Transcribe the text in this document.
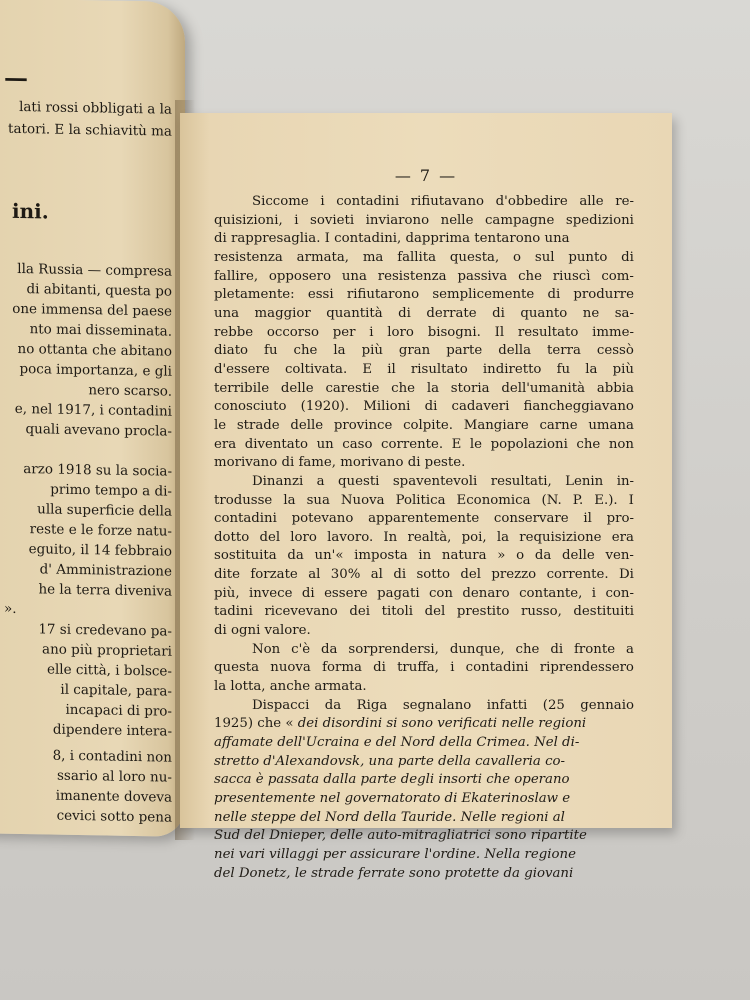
—
lati rossi obbligati a la
tatori. E la schiavitù ma
ini.
lla Russia — compresa
di abitanti, questa po
one immensa del paese
nto mai disseminata.
no ottanta che abitano
poca importanza, e gli
nero scarso.
e, nel 1917, i contadini
quali avevano procla-
arzo 1918 su la socia-
primo tempo a di-
ulla superficie della
reste e le forze natu-
eguito, il 14 febbraio
d' Amministrazione
he la terra diveniva
».
17 si credevano pa-
ano più proprietari
elle città, i bolsce-
il capitale, para-
incapaci di pro-
dipendere intera-
8, i contadini non
ssario al loro nu-
imanente doveva
cevici sotto pena
— 7 —
Siccome i contadini rifiutavano d'obbedire alle re-
quisizioni, i sovieti inviarono nelle campagne spedizioni
di rappresaglia. I contadini, dapprima tentarono una
resistenza armata, ma fallita questa, o sul punto di
fallire, opposero una resistenza passiva che riuscì com-
pletamente: essi rifiutarono semplicemente di produrre
una maggior quantità di derrate di quanto ne sa-
rebbe occorso per i loro bisogni. Il resultato imme-
diato fu che la più gran parte della terra cessò
d'essere coltivata. E il risultato indiretto fu la più
terribile delle carestie che la storia dell'umanità abbia
conosciuto (1920). Milioni di cadaveri fiancheggiavano
le strade delle province colpite. Mangiare carne umana
era diventato un caso corrente. E le popolazioni che non
morivano di fame, morivano di peste.
Dinanzi a questi spaventevoli resultati, Lenin in-
trodusse la sua Nuova Politica Economica (N. P. E.). I
contadini potevano apparentemente conservare il pro-
dotto del loro lavoro. In realtà, poi, la requisizione era
sostituita da un'« imposta in natura » o da delle ven-
dite forzate al 30% al di sotto del prezzo corrente. Di
più, invece di essere pagati con denaro contante, i con-
tadini ricevevano dei titoli del prestito russo, destituiti
di ogni valore.
Non c'è da sorprendersi, dunque, che di fronte a
questa nuova forma di truffa, i contadini riprendessero
la lotta, anche armata.
Dispacci da Riga segnalano infatti (25 gennaio
1925) che « dei disordini si sono verificati nelle regioni
affamate dell'Ucraina e del Nord della Crimea. Nel di-
stretto d'Alexandovsk, una parte della cavalleria co-
sacca è passata dalla parte degli insorti che operano
presentemente nel governatorato di Ekaterinoslaw e
nelle steppe del Nord della Tauride. Nelle regioni al
Sud del Dnieper, delle auto-mitragliatrici sono ripartite
nei vari villaggi per assicurare l'ordine. Nella regione
del Donetz, le strade ferrate sono protette da giovani
